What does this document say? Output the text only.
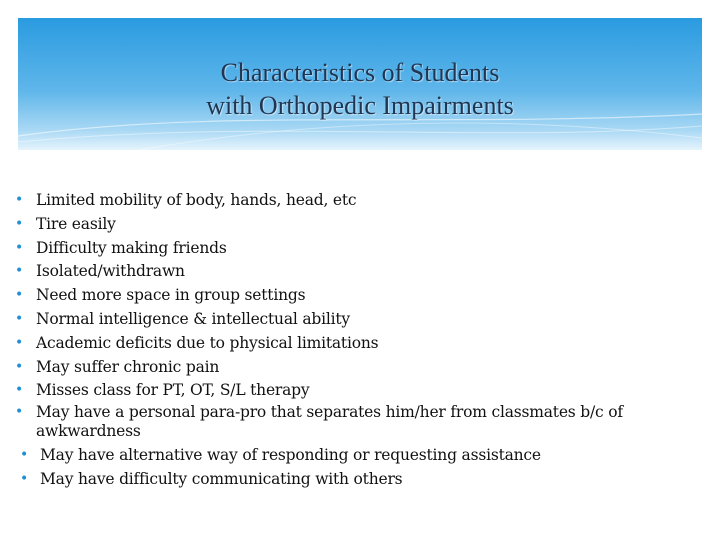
Characteristics of Students
with Orthopedic Impairments
• Limited mobility of body, hands, head, etc
• Tire easily
• Difficulty making friends
• Isolated/withdrawn
• Need more space in group settings
• Normal intelligence & intellectual ability
• Academic deficits due to physical limitations
• May suffer chronic pain
• Misses class for PT, OT, S/L therapy
• May have a personal para-pro that separates him/her from classmates b/c of awkwardness
• May have alternative way of responding or requesting assistance
• May have difficulty communicating with others
